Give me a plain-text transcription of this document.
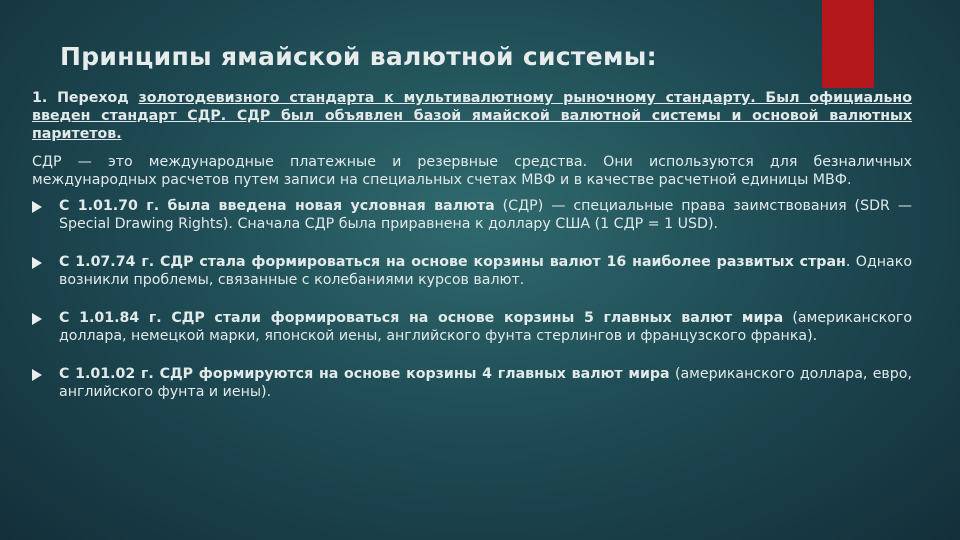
Принципы ямайской валютной системы:

1. Переход золотодевизного стандарта к мультивалютному рыночному стандарту. Был официально введен стандарт СДР. СДР был объявлен базой ямайской валютной системы и основой валютных паритетов.

СДР — это международные платежные и резервные средства. Они используются для безналичных международных расчетов путем записи на специальных счетах МВФ и в качестве расчетной единицы МВФ.

С 1.01.70 г. была введена новая условная валюта (СДР) — специальные права заимствования (SDR — Special Drawing Rights). Сначала СДР была приравнена к доллару США (1 СДР = 1 USD).
С 1.07.74 г. СДР стала формироваться на основе корзины валют 16 наиболее развитых стран. Однако возникли проблемы, связанные с колебаниями курсов валют.
С 1.01.84 г. СДР стали формироваться на основе корзины 5 главных валют мира (американского доллара, немецкой марки, японской иены, английского фунта стерлингов и французского франка).
С 1.01.02 г. СДР формируются на основе корзины 4 главных валют мира (американского доллара, евро, английского фунта и иены).
